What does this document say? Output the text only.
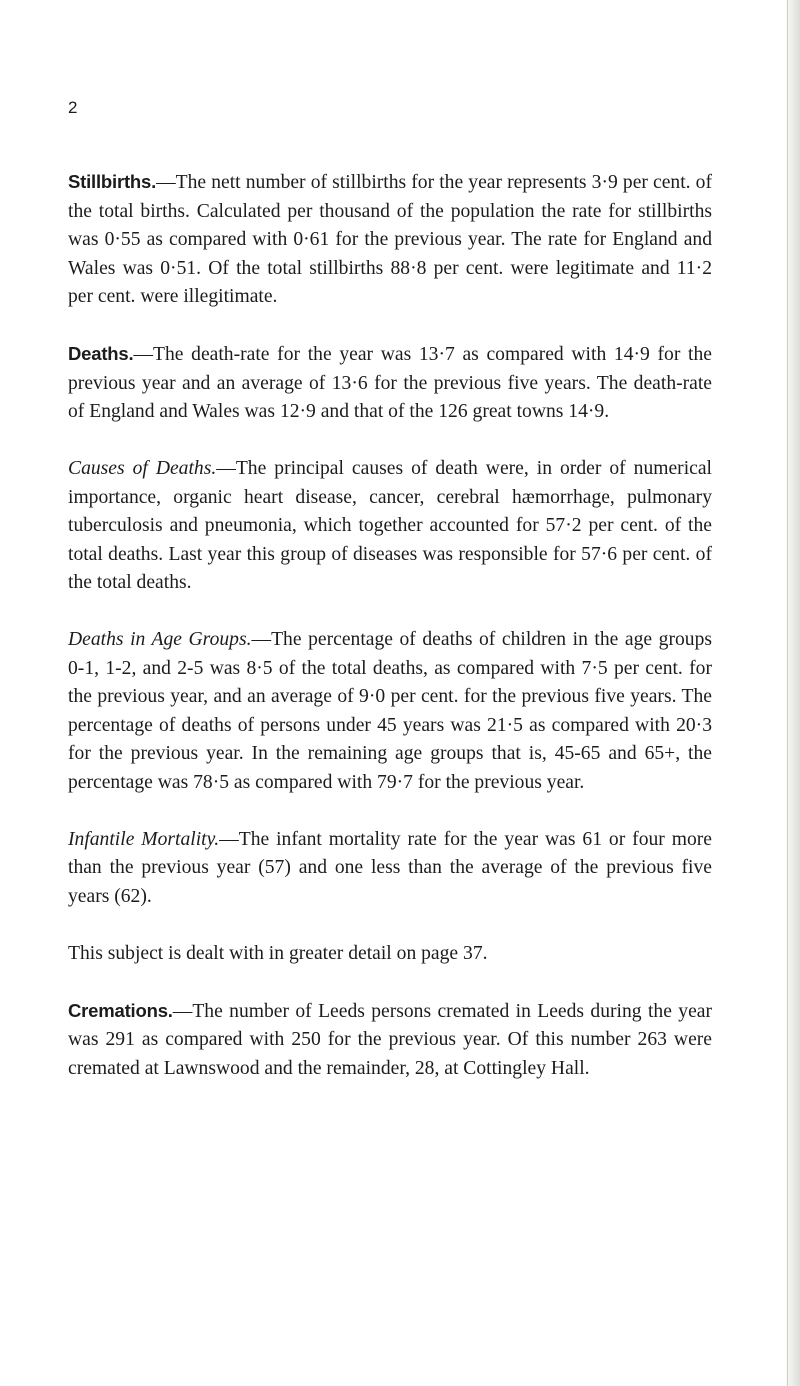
2

Stillbirths.—The nett number of stillbirths for the year represents 3·9 per cent. of the total births. Calculated per thousand of the population the rate for stillbirths was 0·55 as compared with 0·61 for the previous year. The rate for England and Wales was 0·51. Of the total stillbirths 88·8 per cent. were legitimate and 11·2 per cent. were illegitimate.

Deaths.—The death-rate for the year was 13·7 as compared with 14·9 for the previous year and an average of 13·6 for the previous five years. The death-rate of England and Wales was 12·9 and that of the 126 great towns 14·9.

Causes of Deaths.—The principal causes of death were, in order of numerical importance, organic heart disease, cancer, cerebral hæmorrhage, pulmonary tuberculosis and pneumonia, which together accounted for 57·2 per cent. of the total deaths. Last year this group of diseases was responsible for 57·6 per cent. of the total deaths.

Deaths in Age Groups.—The percentage of deaths of children in the age groups 0-1, 1-2, and 2-5 was 8·5 of the total deaths, as compared with 7·5 per cent. for the previous year, and an average of 9·0 per cent. for the previous five years. The percentage of deaths of persons under 45 years was 21·5 as compared with 20·3 for the previous year. In the remaining age groups that is, 45-65 and 65+, the percentage was 78·5 as compared with 79·7 for the previous year.

Infantile Mortality.—The infant mortality rate for the year was 61 or four more than the previous year (57) and one less than the average of the previous five years (62).

This subject is dealt with in greater detail on page 37.

Cremations.—The number of Leeds persons cremated in Leeds during the year was 291 as compared with 250 for the previous year. Of this number 263 were cremated at Lawnswood and the remainder, 28, at Cottingley Hall.
